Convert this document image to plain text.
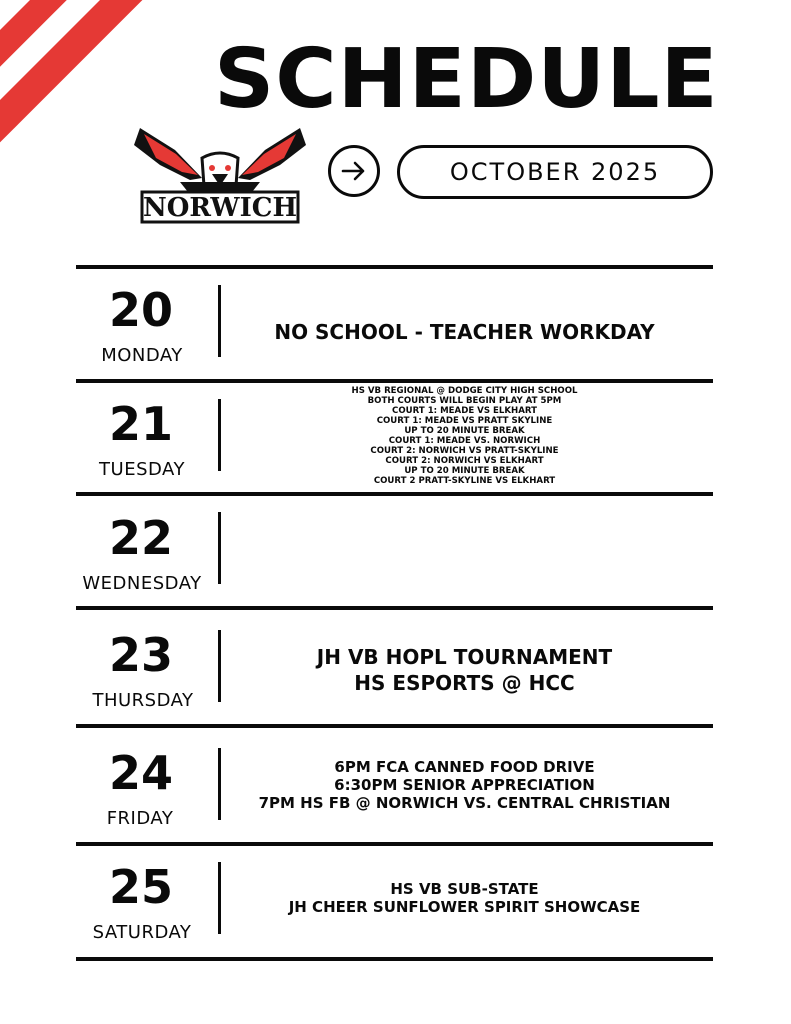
SCHEDULE
NORWICH
OCTOBER 2025
20
MONDAY
NO SCHOOL - TEACHER WORKDAY
21
TUESDAY
HS VB REGIONAL @ DODGE CITY HIGH SCHOOL
BOTH COURTS WILL BEGIN PLAY AT 5PM
COURT 1: MEADE VS ELKHART
COURT 1: MEADE VS PRATT SKYLINE
UP TO 20 MINUTE BREAK
COURT 1: MEADE VS. NORWICH
COURT 2: NORWICH VS PRATT-SKYLINE
COURT 2: NORWICH VS ELKHART
UP TO 20 MINUTE BREAK
COURT 2 PRATT-SKYLINE VS ELKHART
22
WEDNESDAY
23
THURSDAY
JH VB HOPL TOURNAMENT
HS ESPORTS @ HCC
24
FRIDAY
6PM FCA CANNED FOOD DRIVE
6:30PM SENIOR APPRECIATION
7PM HS FB @ NORWICH VS. CENTRAL CHRISTIAN
25
SATURDAY
HS VB SUB-STATE
JH CHEER SUNFLOWER SPIRIT SHOWCASE
